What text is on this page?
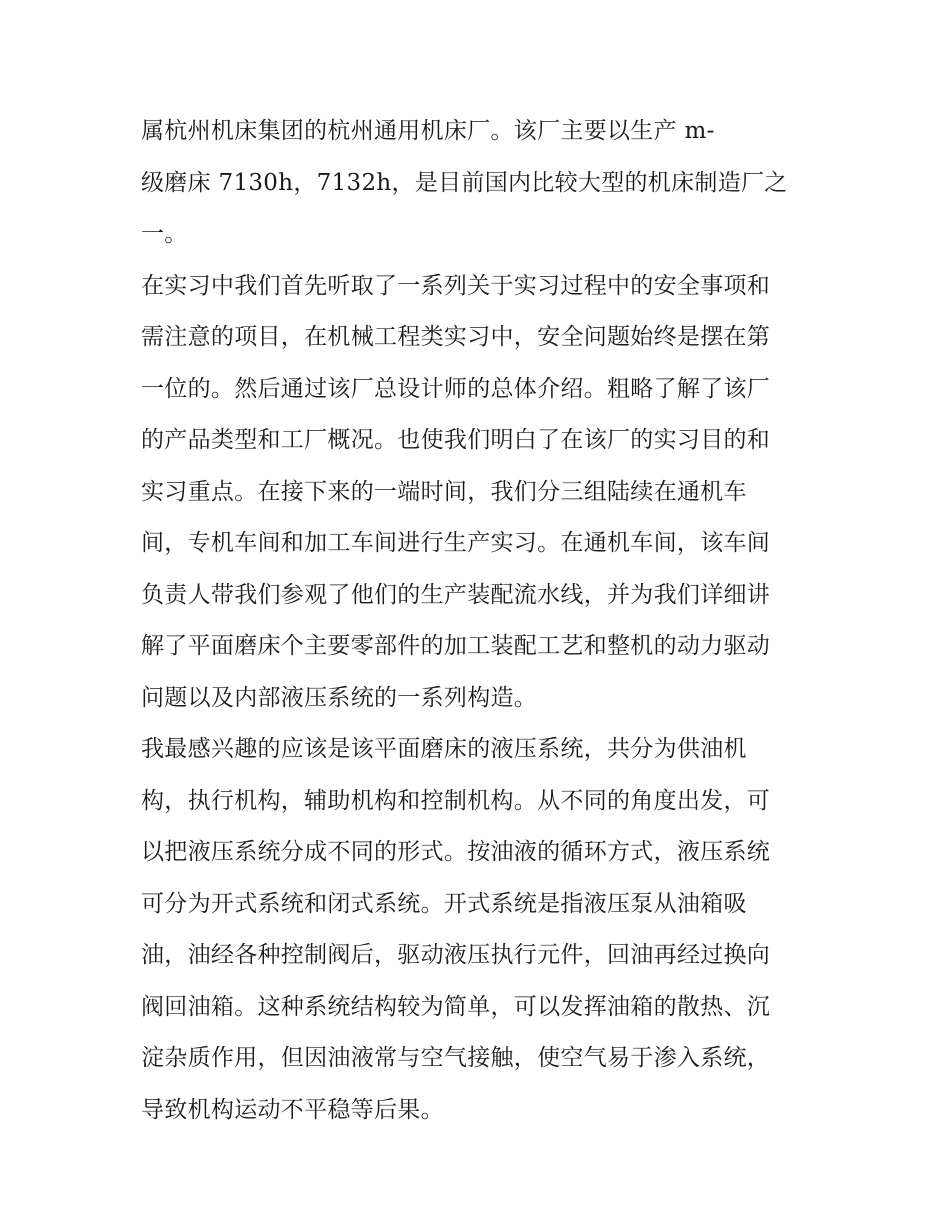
属杭州机床集团的杭州通用机床厂。该厂主要以生产 m-
级磨床 7130h，7132h，是目前国内比较大型的机床制造厂之
一。
在实习中我们首先听取了一系列关于实习过程中的安全事项和
需注意的项目，在机械工程类实习中，安全问题始终是摆在第
一位的。然后通过该厂总设计师的总体介绍。粗略了解了该厂
的产品类型和工厂概况。也使我们明白了在该厂的实习目的和
实习重点。在接下来的一端时间，我们分三组陆续在通机车
间，专机车间和加工车间进行生产实习。在通机车间，该车间
负责人带我们参观了他们的生产装配流水线，并为我们详细讲
解了平面磨床个主要零部件的加工装配工艺和整机的动力驱动
问题以及内部液压系统的一系列构造。
我最感兴趣的应该是该平面磨床的液压系统，共分为供油机
构，执行机构，辅助机构和控制机构。从不同的角度出发，可
以把液压系统分成不同的形式。按油液的循环方式，液压系统
可分为开式系统和闭式系统。开式系统是指液压泵从油箱吸
油，油经各种控制阀后，驱动液压执行元件，回油再经过换向
阀回油箱。这种系统结构较为简单，可以发挥油箱的散热、沉
淀杂质作用，但因油液常与空气接触，使空气易于渗入系统，
导致机构运动不平稳等后果。
